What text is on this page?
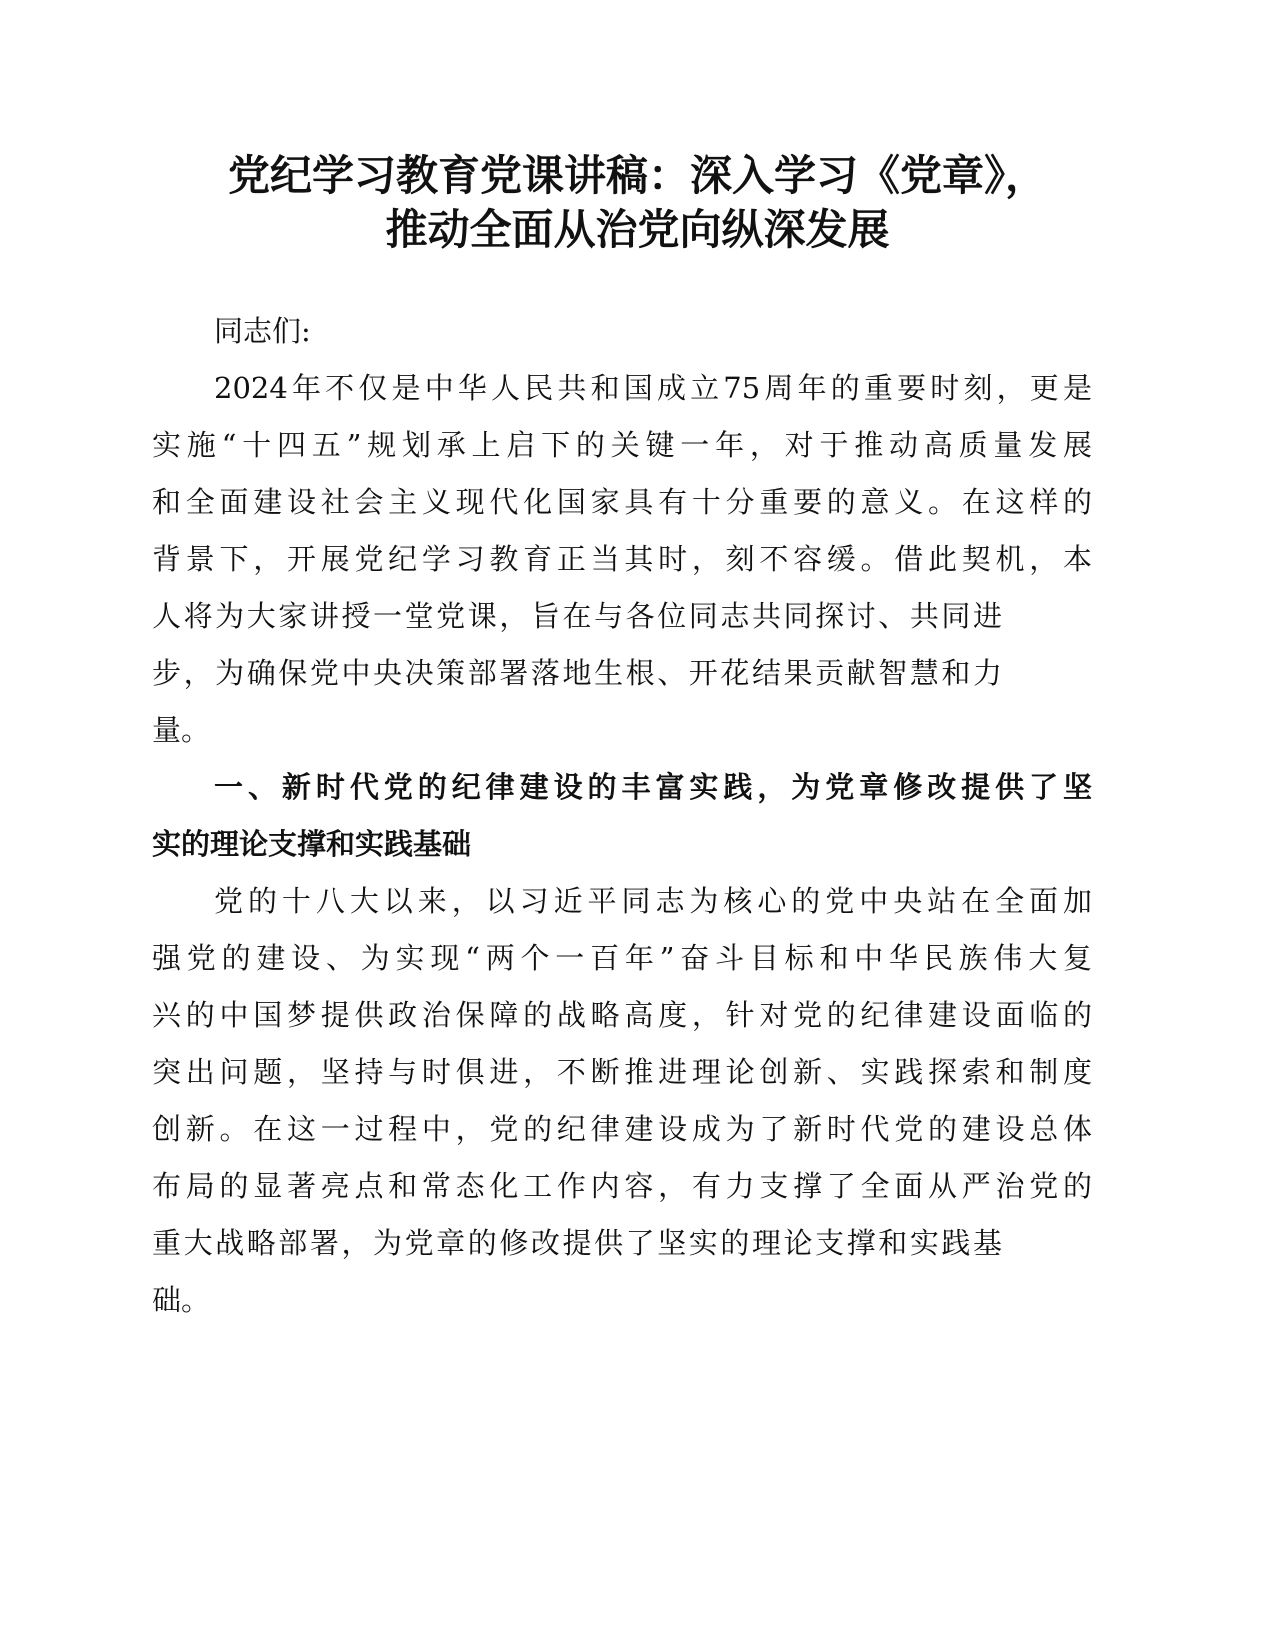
党纪学习教育党课讲稿：深入学习《党章》，
推动全面从治党向纵深发展
同志们:
2024年不仅是中华人民共和国成立75周年的重要时刻，更是
实施“十四五”规划承上启下的关键一年，对于推动高质量发展
和全面建设社会主义现代化国家具有十分重要的意义。在这样的
背景下，开展党纪学习教育正当其时，刻不容缓。借此契机，本
人将为大家讲授一堂党课，旨在与各位同志共同探讨、共同进
步，为确保党中央决策部署落地生根、开花结果贡献智慧和力
量。
一、新时代党的纪律建设的丰富实践，为党章修改提供了坚
实的理论支撑和实践基础
党的十八大以来，以习近平同志为核心的党中央站在全面加
强党的建设、为实现“两个一百年”奋斗目标和中华民族伟大复
兴的中国梦提供政治保障的战略高度，针对党的纪律建设面临的
突出问题，坚持与时俱进，不断推进理论创新、实践探索和制度
创新。在这一过程中，党的纪律建设成为了新时代党的建设总体
布局的显著亮点和常态化工作内容，有力支撑了全面从严治党的
重大战略部署，为党章的修改提供了坚实的理论支撑和实践基
础。
